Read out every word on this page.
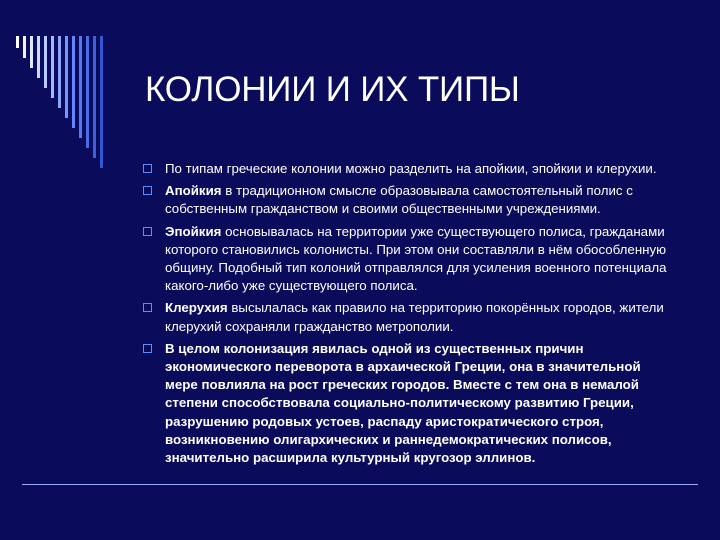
КОЛОНИИ И ИХ ТИПЫ
По типам греческие колонии можно разделить на апойкии, эпойкии и клерухии.
Апойкия в традиционном смысле образовывала самостоятельный полис с собственным гражданством и своими общественными учреждениями.
Эпойкия основывалась на территории уже существующего полиса, гражданами которого становились колонисты. При этом они составляли в нём обособленную общину. Подобный тип колоний отправлялся для усиления военного потенциала какого-либо уже существующего полиса.
Клерухия высылалась как правило на территорию покорённых городов, жители клерухий сохраняли гражданство метрополии.
В целом колонизация явилась одной из существенных причин экономического переворота в архаической Греции, она в значительной мере повлияла на рост греческих городов. Вместе с тем она в немалой степени способствовала социально-политическому развитию Греции, разрушению родовых устоев, распаду аристократического строя, возникновению олигархических и раннедемократических полисов, значительно расширила культурный кругозор эллинов.
